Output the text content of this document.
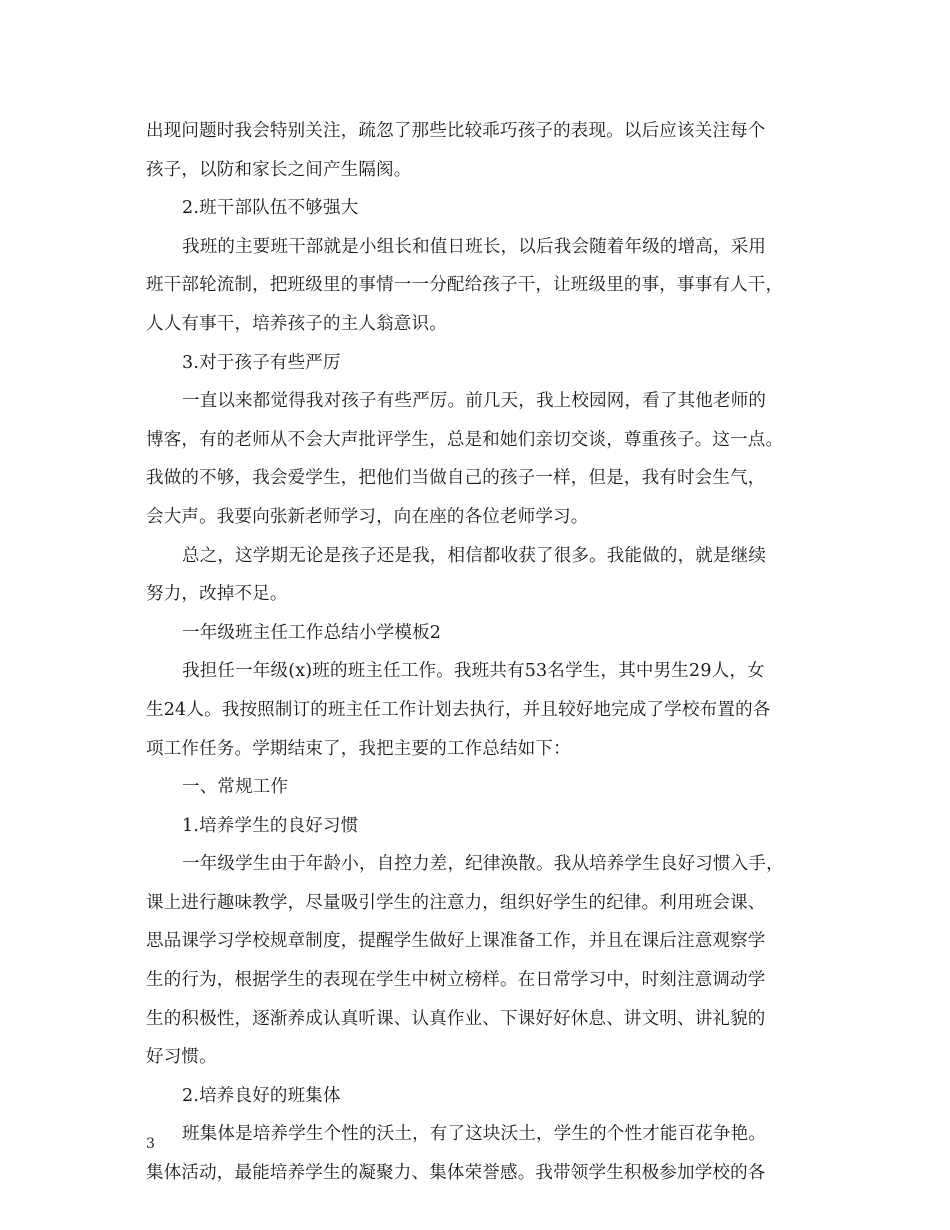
出现问题时我会特别关注，疏忽了那些比较乖巧孩子的表现。以后应该关注每个
孩子，以防和家长之间产生隔阂。
2.班干部队伍不够强大
我班的主要班干部就是小组长和值日班长，以后我会随着年级的增高，采用
班干部轮流制，把班级里的事情一一分配给孩子干，让班级里的事，事事有人干，
人人有事干，培养孩子的主人翁意识。
3.对于孩子有些严厉
一直以来都觉得我对孩子有些严厉。前几天，我上校园网，看了其他老师的
博客，有的老师从不会大声批评学生，总是和她们亲切交谈，尊重孩子。这一点。
我做的不够，我会爱学生，把他们当做自己的孩子一样，但是，我有时会生气，
会大声。我要向张新老师学习，向在座的各位老师学习。
总之，这学期无论是孩子还是我，相信都收获了很多。我能做的，就是继续
努力，改掉不足。
一年级班主任工作总结小学模板2
我担任一年级(x)班的班主任工作。我班共有53名学生，其中男生29人，女
生24人。我按照制订的班主任工作计划去执行，并且较好地完成了学校布置的各
项工作任务。学期结束了，我把主要的工作总结如下：
一、常规工作
1.培养学生的良好习惯
一年级学生由于年龄小，自控力差，纪律涣散。我从培养学生良好习惯入手，
课上进行趣味教学，尽量吸引学生的注意力，组织好学生的纪律。利用班会课、
思品课学习学校规章制度，提醒学生做好上课准备工作，并且在课后注意观察学
生的行为，根据学生的表现在学生中树立榜样。在日常学习中，时刻注意调动学
生的积极性，逐渐养成认真听课、认真作业、下课好好休息、讲文明、讲礼貌的
好习惯。
2.培养良好的班集体
班集体是培养学生个性的沃土，有了这块沃土，学生的个性才能百花争艳。
集体活动，最能培养学生的凝聚力、集体荣誉感。我带领学生积极参加学校的各
3
